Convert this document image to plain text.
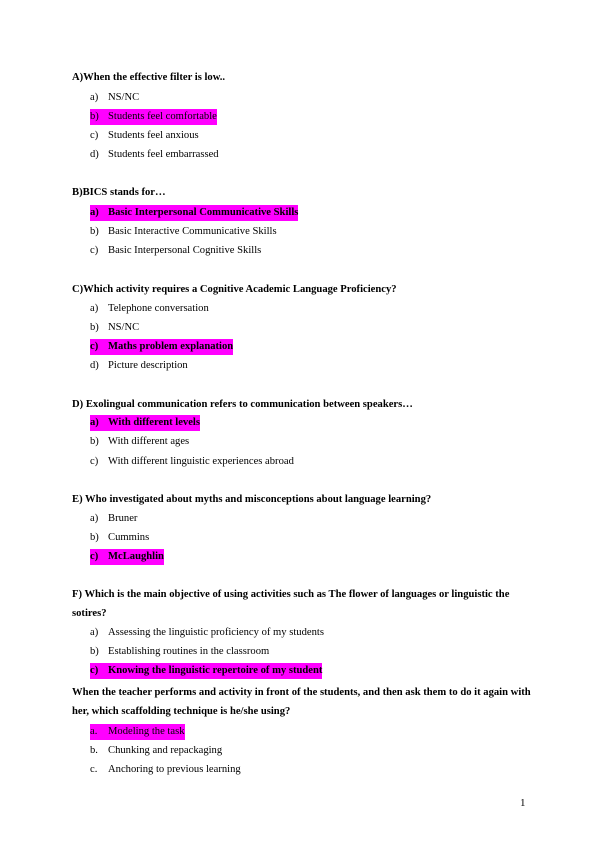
A)When the effective filter is low..
a) NS/NC
b) Students feel comfortable
c) Students feel anxious
d) Students feel embarrassed
B)BICS stands for…
a) Basic Interpersonal Communicative Skills
b) Basic Interactive Communicative Skills
c) Basic Interpersonal Cognitive Skills
C)Which activity requires a Cognitive Academic Language Proficiency?
a) Telephone conversation
b) NS/NC
c) Maths problem explanation
d) Picture description
D) Exolingual communication refers to communication between speakers…
a) With different levels
b) With different ages
c) With different linguistic experiences abroad
E) Who investigated about myths and misconceptions about language learning?
a) Bruner
b) Cummins
c) McLaughlin
F) Which is the main objective of using activities such as The flower of languages or linguistic the sotires?
a) Assessing the linguistic proficiency of my students
b) Establishing routines in the classroom
c) Knowing the linguistic repertoire of my student
When the teacher performs and activity in front of the students, and then ask them to do it again with her, which scaffolding technique is he/she using?
a. Modeling the task
b. Chunking and repackaging
c. Anchoring to previous learning
1
